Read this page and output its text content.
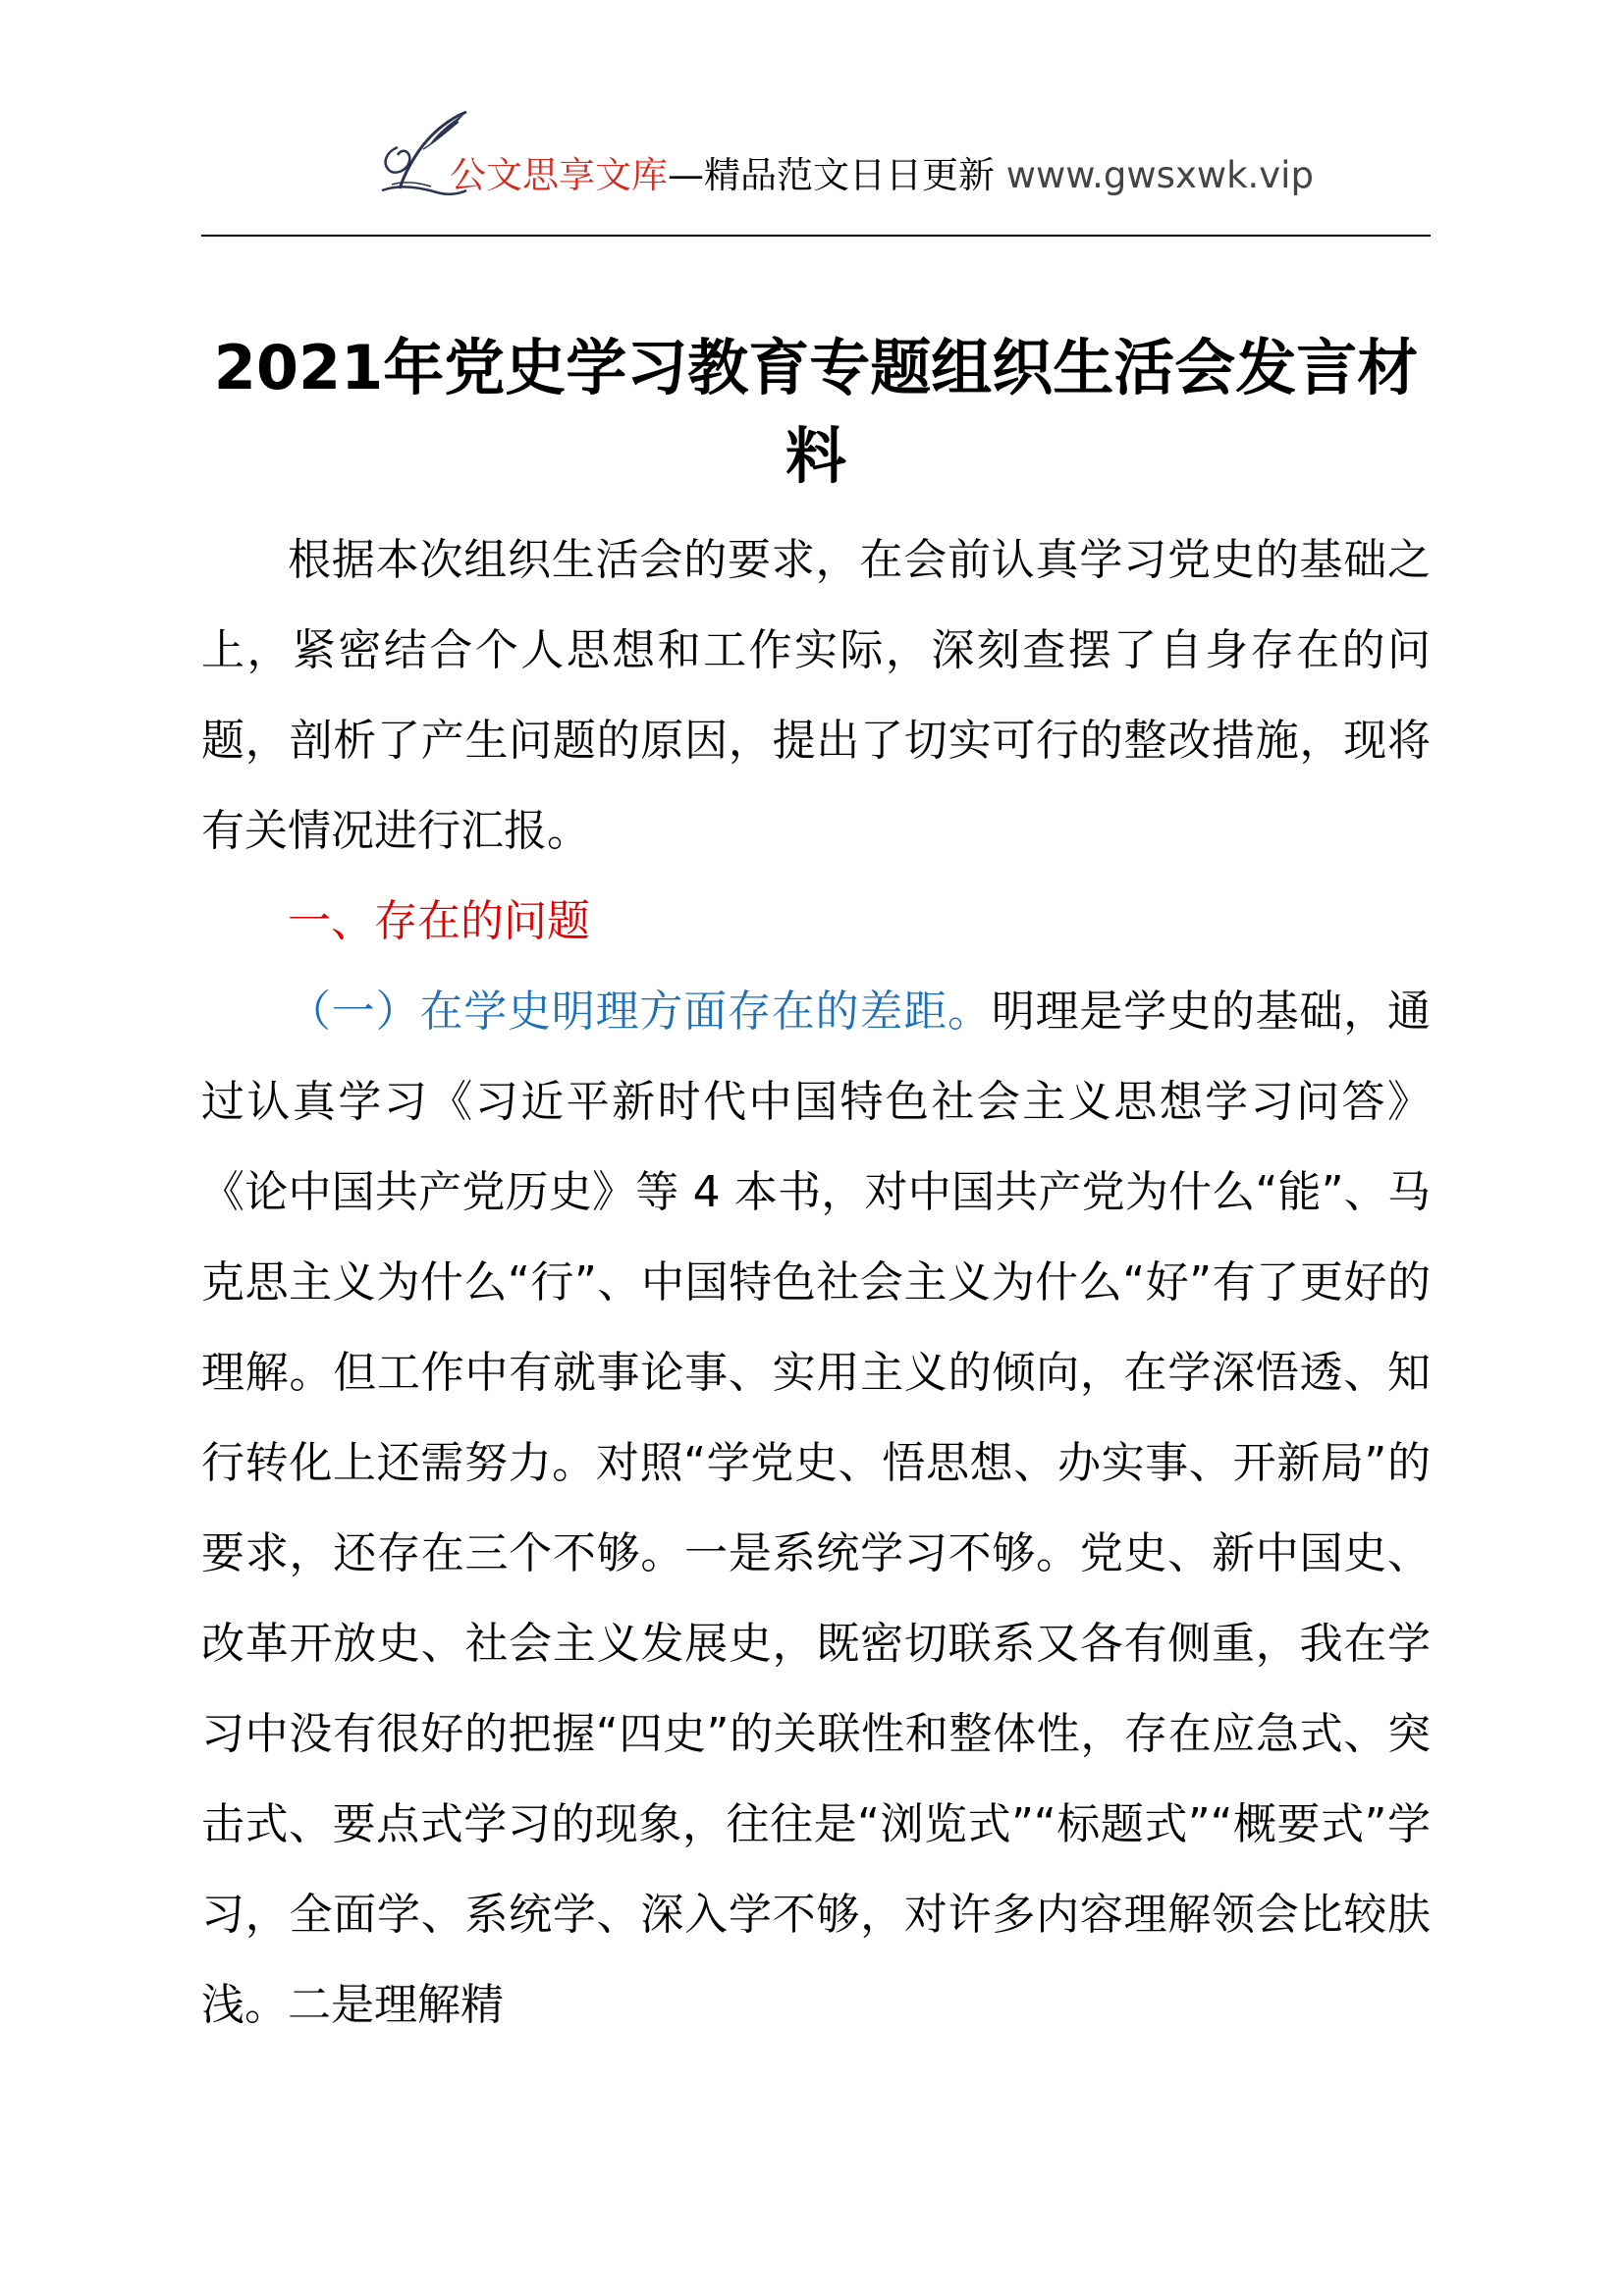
公文思享文库—精品范文日日更新 www.gwsxwk.vip
2021年党史学习教育专题组织生活会发言材料

根据本次组织生活会的要求，在会前认真学习党史的基础之上，紧密结合个人思想和工作实际，深刻查摆了自身存在的问题，剖析了产生问题的原因，提出了切实可行的整改措施，现将有关情况进行汇报。

一、存在的问题

（一）在学史明理方面存在的差距。明理是学史的基础，通过认真学习《习近平新时代中国特色社会主义思想学习问答》《论中国共产党历史》等 4 本书，对中国共产党为什么“能”、马克思主义为什么“行”、中国特色社会主义为什么“好”有了更好的理解。但工作中有就事论事、实用主义的倾向，在学深悟透、知行转化上还需努力。对照“学党史、悟思想、办实事、开新局”的要求，还存在三个不够。一是系统学习不够。党史、新中国史、改革开放史、社会主义发展史，既密切联系又各有侧重，我在学习中没有很好的把握“四史”的关联性和整体性，存在应急式、突击式、要点式学习的现象，往往是“浏览式”“标题式”“概要式”学习，全面学、系统学、深入学不够，对许多内容理解领会比较肤浅。二是理解精
